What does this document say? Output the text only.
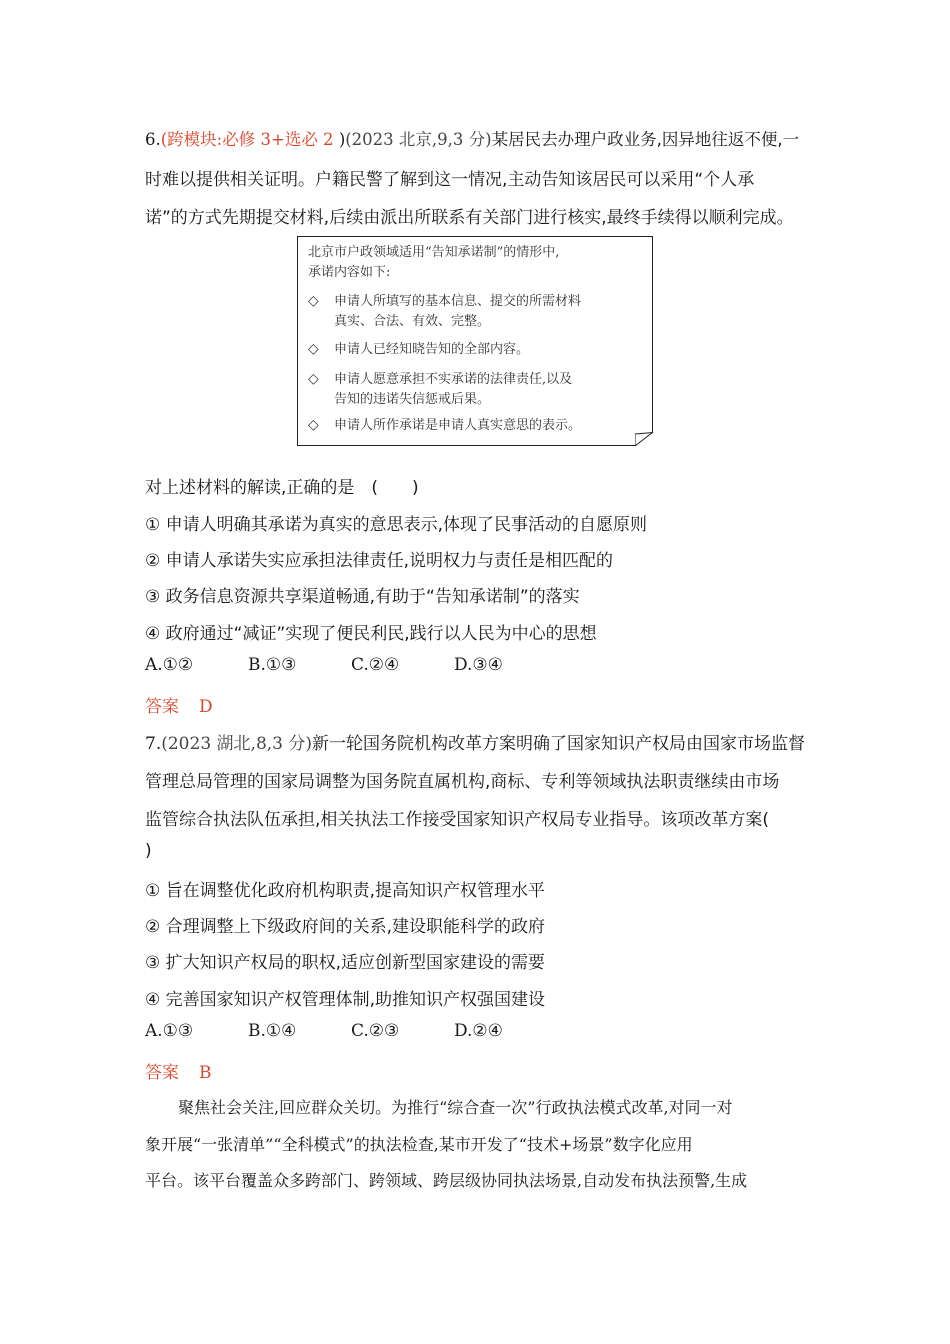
6.(跨模块:必修 3+选必 2 )(2023 北京,9,3 分)某居民去办理户政业务,因异地往返不便,一
时难以提供相关证明。户籍民警了解到这一情况,主动告知该居民可以采用“个人承
诺”的方式先期提交材料,后续由派出所联系有关部门进行核实,最终手续得以顺利完成。
北京市户政领域适用“告知承诺制”的情形中,
承诺内容如下:
◇ 申请人所填写的基本信息、提交的所需材料
真实、合法、有效、完整。
◇ 申请人已经知晓告知的全部内容。
◇ 申请人愿意承担不实承诺的法律责任,以及
告知的违诺失信惩戒后果。
◇ 申请人所作承诺是申请人真实意思的表示。
对上述材料的解读,正确的是　(　　)
① 申请人明确其承诺为真实的意思表示,体现了民事活动的自愿原则
② 申请人承诺失实应承担法律责任,说明权力与责任是相匹配的
③ 政务信息资源共享渠道畅通,有助于“告知承诺制”的落实
④ 政府通过“减证”实现了便民利民,践行以人民为中心的思想
A.①②	B.①③	C.②④	D.③④
答案 D
7.(2023 湖北,8,3 分)新一轮国务院机构改革方案明确了国家知识产权局由国家市场监督
管理总局管理的国家局调整为国务院直属机构,商标、专利等领域执法职责继续由市场
监管综合执法队伍承担,相关执法工作接受国家知识产权局专业指导。该项改革方案(
)
① 旨在调整优化政府机构职责,提高知识产权管理水平
② 合理调整上下级政府间的关系,建设职能科学的政府
③ 扩大知识产权局的职权,适应创新型国家建设的需要
④ 完善国家知识产权管理体制,助推知识产权强国建设
A.①③	B.①④	C.②③	D.②④
答案 B
聚焦社会关注,回应群众关切。为推行“综合查一次”行政执法模式改革,对同一对
象开展“一张清单”“全科模式”的执法检查,某市开发了“技术+场景”数字化应用
平台。该平台覆盖众多跨部门、跨领域、跨层级协同执法场景,自动发布执法预警,生成
